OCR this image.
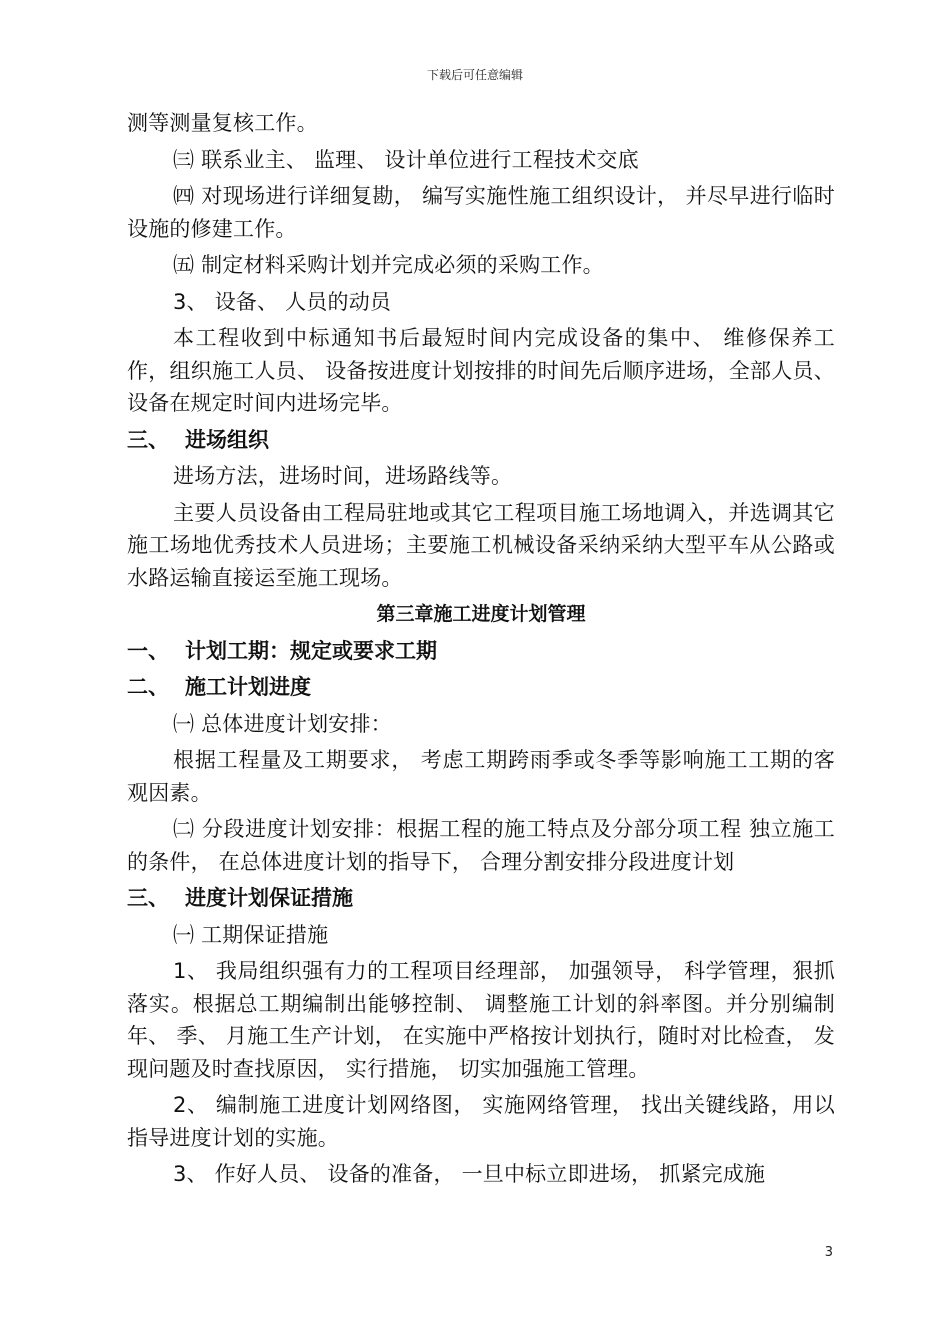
下载后可任意编辑

测等测量复核工作。

㈢ 联系业主、 监理、 设计单位进行工程技术交底

㈣ 对现场进行详细复勘， 编写实施性施工组织设计， 并尽早进行临时设施的修建工作。

㈤ 制定材料采购计划并完成必须的采购工作。

3、 设备、 人员的动员

本工程收到中标通知书后最短时间内完成设备的集中、 维修保养工作，组织施工人员、 设备按进度计划按排的时间先后顺序进场，全部人员、 设备在规定时间内进场完毕。

三、 进场组织

进场方法，进场时间，进场路线等。

主要人员设备由工程局驻地或其它工程项目施工场地调入，并选调其它施工场地优秀技术人员进场；主要施工机械设备采纳采纳大型平车从公路或水路运输直接运至施工现场。

第三章施工进度计划管理
一、 计划工期：规定或要求工期
二、 施工计划进度

㈠ 总体进度计划安排：

根据工程量及工期要求， 考虑工期跨雨季或冬季等影响施工工期的客观因素。

㈡ 分段进度计划安排：根据工程的施工特点及分部分项工程 独立施工的条件， 在总体进度计划的指导下， 合理分割安排分段进度计划

三、 进度计划保证措施

㈠ 工期保证措施

1、 我局组织强有力的工程项目经理部， 加强领导， 科学管理，狠抓落实。根据总工期编制出能够控制、 调整施工计划的斜率图。并分别编制年、 季、 月施工生产计划， 在实施中严格按计划执行，随时对比检查， 发现问题及时查找原因， 实行措施， 切实加强施工管理。

2、 编制施工进度计划网络图， 实施网络管理， 找出关键线路，用以指导进度计划的实施。

3、 作好人员、 设备的准备， 一旦中标立即进场， 抓紧完成施

3
